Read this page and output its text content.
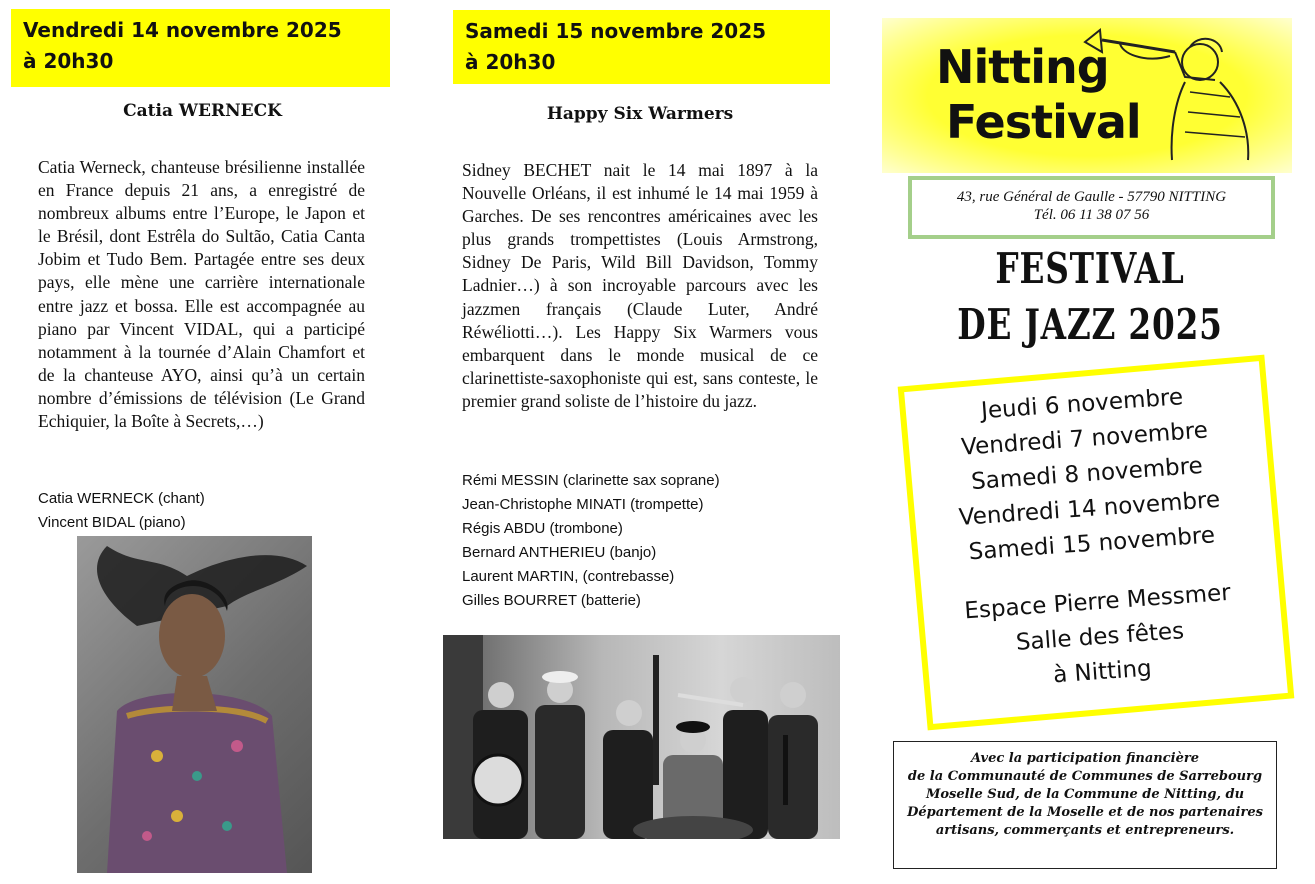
Vendredi 14 novembre 2025
à 20h30
Catia WERNECK
Catia Werneck, chanteuse brésilienne installée en France depuis 21 ans, a enregistré de nombreux albums entre l’Europe, le Japon et le Brésil, dont Estrêla do Sultão, Catia Canta Jobim et Tudo Bem. Partagée entre ses deux pays, elle mène une carrière internationale entre jazz et bossa. Elle est accompagnée au piano par Vincent VIDAL, qui a participé notamment à la tournée d’Alain Chamfort et de la chanteuse AYO, ainsi qu’à un certain nombre d’émissions de télévision (Le Grand Echiquier, la Boîte à Secrets,…)
Catia WERNECK (chant)
Vincent BIDAL (piano)
Samedi 15 novembre 2025
à 20h30
Happy Six Warmers
Sidney BECHET nait le 14 mai 1897 à la Nouvelle Orléans, il est inhumé le 14 mai 1959 à Garches. De ses rencontres américaines avec les plus grands trompettistes (Louis Armstrong, Sidney De Paris, Wild Bill Davidson, Tommy Ladnier…) à son incroyable parcours avec les jazzmen français (Claude Luter, André Réwéliotti…). Les Happy Six Warmers vous embarquent dans le monde musical de ce clarinettiste-saxophoniste qui est, sans conteste, le premier grand soliste de l’histoire du jazz.
Rémi MESSIN (clarinette sax soprane)
Jean-Christophe MINATI (trompette)
Régis ABDU (trombone)
Bernard ANTHERIEU (banjo)
Laurent MARTIN, (contrebasse)
Gilles BOURRET (batterie)
Nitting
Festival
43, rue Général de Gaulle - 57790 NITTING
Tél. 06 11 38 07 56
FESTIVAL
DE JAZZ 2025
Jeudi 6 novembre
Vendredi 7 novembre
Samedi 8 novembre
Vendredi 14 novembre
Samedi 15 novembre
Espace Pierre Messmer
Salle des fêtes
à Nitting
Avec la participation financière
de la Communauté de Communes de Sarrebourg
Moselle Sud, de la Commune de Nitting, du
Département de la Moselle et de nos partenaires
artisans, commerçants et entrepreneurs.
